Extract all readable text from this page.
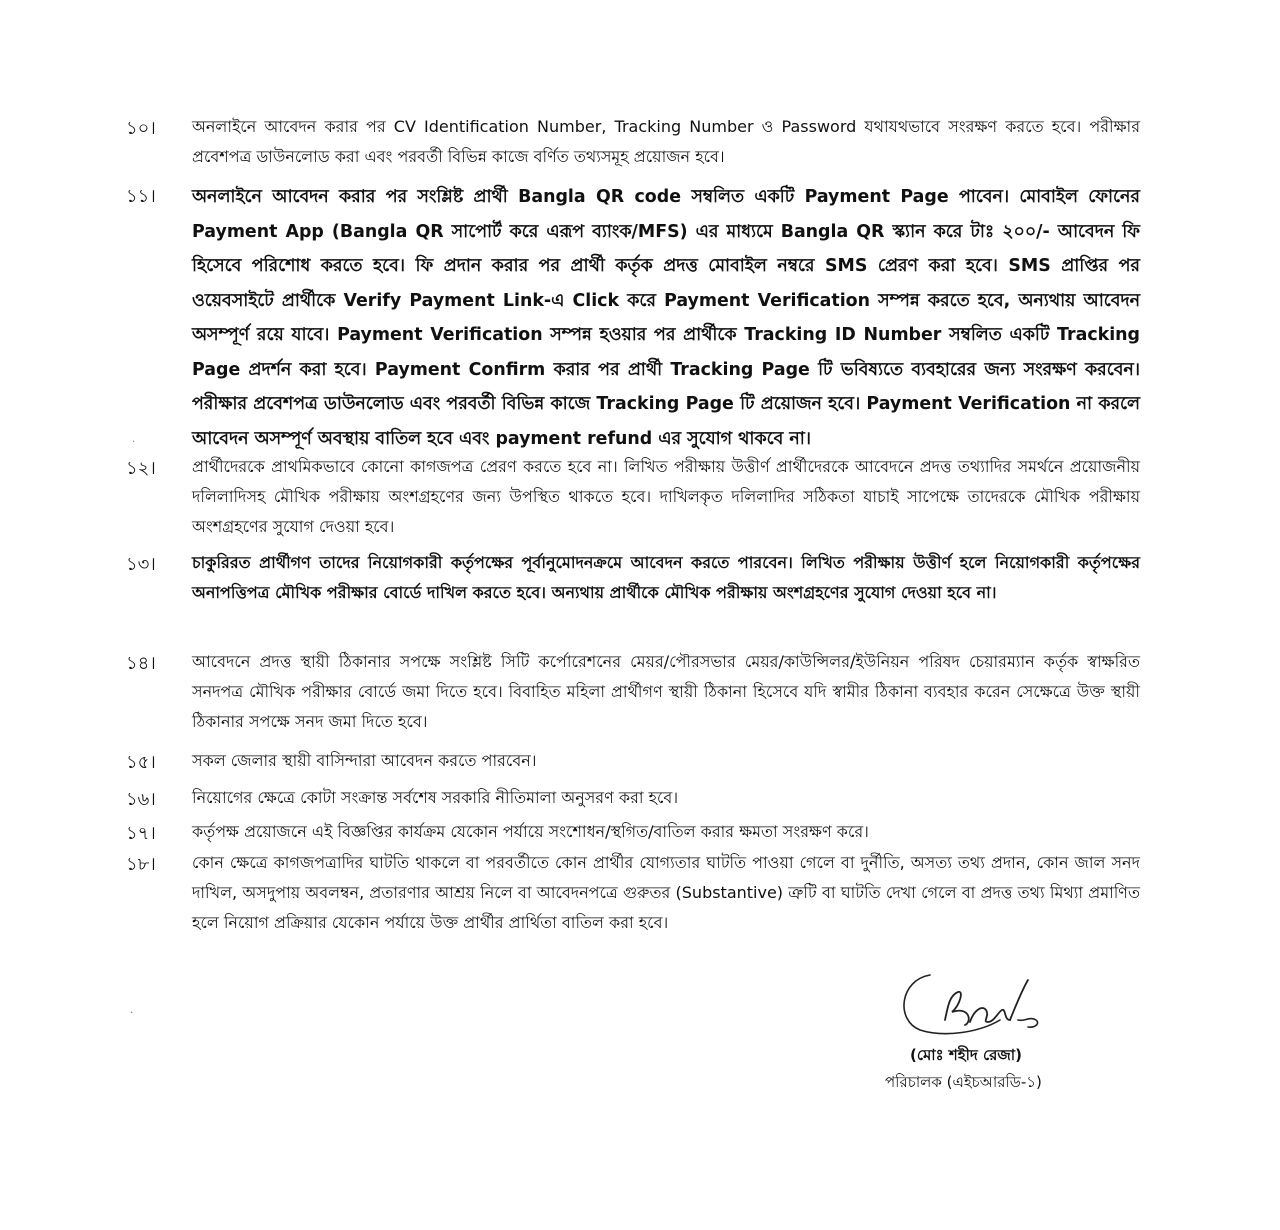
১০।	অনলাইনে আবেদন করার পর CV Identification Number, Tracking Number ও Password যথাযথভাবে সংরক্ষণ করতে হবে। পরীক্ষার প্রবেশপত্র ডাউনলোড করা এবং পরবর্তী বিভিন্ন কাজে বর্ণিত তথ্যসমূহ প্রয়োজন হবে।

১১।	অনলাইনে আবেদন করার পর সংশ্লিষ্ট প্রার্থী Bangla QR code সম্বলিত একটি Payment Page পাবেন। মোবাইল ফোনের Payment App (Bangla QR সাপোর্ট করে এরূপ ব্যাংক/MFS) এর মাধ্যমে Bangla QR স্ক্যান করে টাঃ ২০০/- আবেদন ফি হিসেবে পরিশোধ করতে হবে। ফি প্রদান করার পর প্রার্থী কর্তৃক প্রদত্ত মোবাইল নম্বরে SMS প্রেরণ করা হবে। SMS প্রাপ্তির পর ওয়েবসাইটে প্রার্থীকে Verify Payment Link-এ Click করে Payment Verification সম্পন্ন করতে হবে, অন্যথায় আবেদন অসম্পূর্ণ রয়ে যাবে। Payment Verification সম্পন্ন হওয়ার পর প্রার্থীকে Tracking ID Number সম্বলিত একটি Tracking Page প্রদর্শন করা হবে। Payment Confirm করার পর প্রার্থী Tracking Page টি ভবিষ্যতে ব্যবহারের জন্য সংরক্ষণ করবেন। পরীক্ষার প্রবেশপত্র ডাউনলোড এবং পরবর্তী বিভিন্ন কাজে Tracking Page টি প্রয়োজন হবে। Payment Verification না করলে আবেদন অসম্পূর্ণ অবস্থায় বাতিল হবে এবং payment refund এর সুযোগ থাকবে না।

১২।	প্রার্থীদেরকে প্রাথমিকভাবে কোনো কাগজপত্র প্রেরণ করতে হবে না। লিখিত পরীক্ষায় উত্তীর্ণ প্রার্থীদেরকে আবেদনে প্রদত্ত তথ্যাদির সমর্থনে প্রয়োজনীয় দলিলাদিসহ মৌখিক পরীক্ষায় অংশগ্রহণের জন্য উপস্থিত থাকতে হবে। দাখিলকৃত দলিলাদির সঠিকতা যাচাই সাপেক্ষে তাদেরকে মৌখিক পরীক্ষায় অংশগ্রহণের সুযোগ দেওয়া হবে।

১৩।	চাকুরিরত প্রার্থীগণ তাদের নিয়োগকারী কর্তৃপক্ষের পূর্বানুমোদনক্রমে আবেদন করতে পারবেন। লিখিত পরীক্ষায় উত্তীর্ণ হলে নিয়োগকারী কর্তৃপক্ষের অনাপত্তিপত্র মৌখিক পরীক্ষার বোর্ডে দাখিল করতে হবে। অন্যথায় প্রার্থীকে মৌখিক পরীক্ষায় অংশগ্রহণের সুযোগ দেওয়া হবে না।

১৪।	আবেদনে প্রদত্ত স্থায়ী ঠিকানার সপক্ষে সংশ্লিষ্ট সিটি কর্পোরেশনের মেয়র/পৌরসভার মেয়র/কাউন্সিলর/ইউনিয়ন পরিষদ চেয়ারম্যান কর্তৃক স্বাক্ষরিত সনদপত্র মৌখিক পরীক্ষার বোর্ডে জমা দিতে হবে। বিবাহিত মহিলা প্রার্থীগণ স্থায়ী ঠিকানা হিসেবে যদি স্বামীর ঠিকানা ব্যবহার করেন সেক্ষেত্রে উক্ত স্থায়ী ঠিকানার সপক্ষে সনদ জমা দিতে হবে।

১৫।	সকল জেলার স্থায়ী বাসিন্দারা আবেদন করতে পারবেন।

১৬।	নিয়োগের ক্ষেত্রে কোটা সংক্রান্ত সর্বশেষ সরকারি নীতিমালা অনুসরণ করা হবে।

১৭।	কর্তৃপক্ষ প্রয়োজনে এই বিজ্ঞপ্তির কার্যক্রম যেকোন পর্যায়ে সংশোধন/স্থগিত/বাতিল করার ক্ষমতা সংরক্ষণ করে।

১৮।	কোন ক্ষেত্রে কাগজপত্রাদির ঘাটতি থাকলে বা পরবর্তীতে কোন প্রার্থীর যোগ্যতার ঘাটতি পাওয়া গেলে বা দুর্নীতি, অসত্য তথ্য প্রদান, কোন জাল সনদ দাখিল, অসদুপায় অবলম্বন, প্রতারণার আশ্রয় নিলে বা আবেদনপত্রে গুরুতর (Substantive) ত্রুটি বা ঘাটতি দেখা গেলে বা প্রদত্ত তথ্য মিথ্যা প্রমাণিত হলে নিয়োগ প্রক্রিয়ার যেকোন পর্যায়ে উক্ত প্রার্থীর প্রার্থিতা বাতিল করা হবে।

(মোঃ শহীদ রেজা)
পরিচালক (এইচআরডি-১)
·
·
